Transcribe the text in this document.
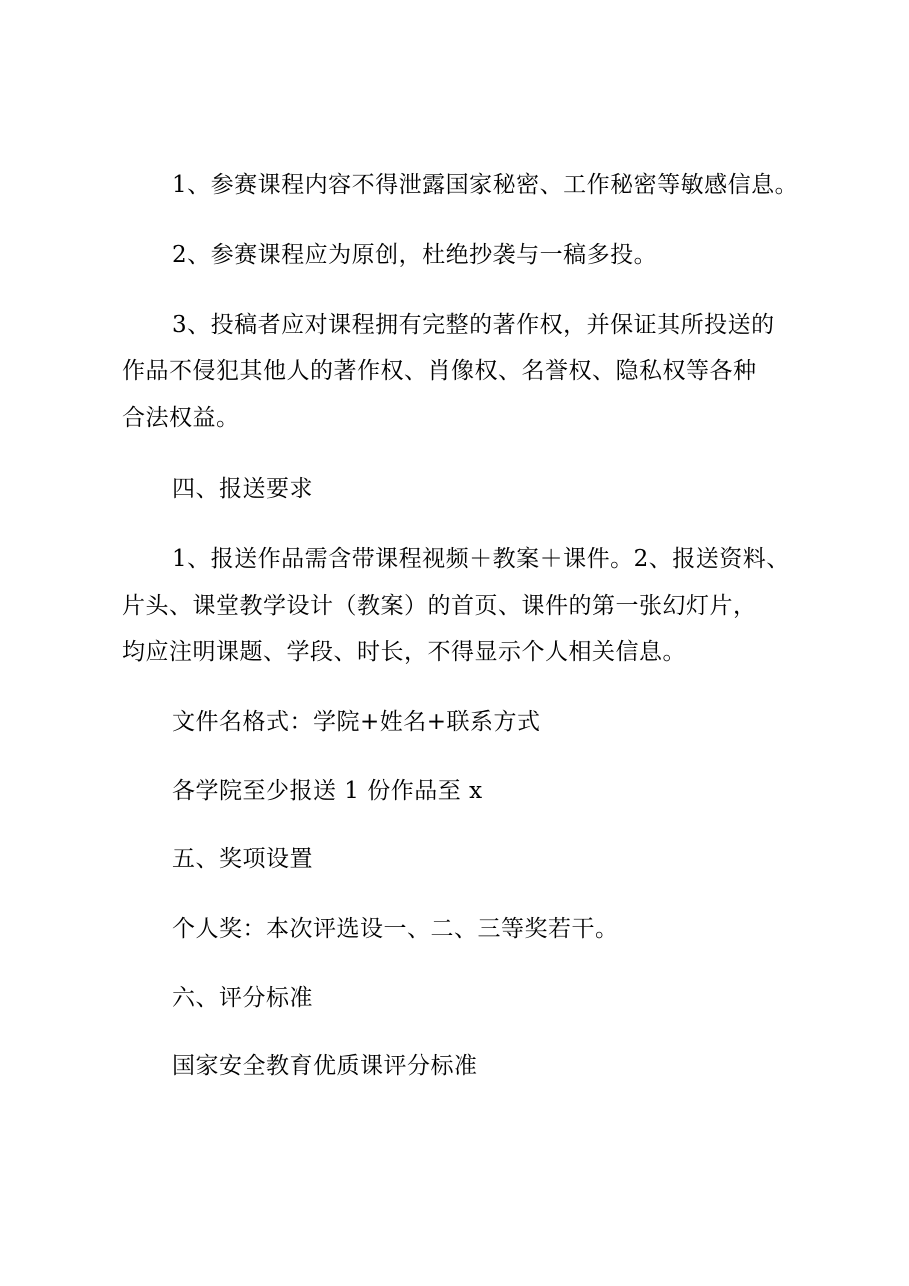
1、参赛课程内容不得泄露国家秘密、工作秘密等敏感信息。
2、参赛课程应为原创，杜绝抄袭与一稿多投。
3、投稿者应对课程拥有完整的著作权，并保证其所投送的
作品不侵犯其他人的著作权、肖像权、名誉权、隐私权等各种
合法权益。
四、报送要求
1、报送作品需含带课程视频＋教案＋课件。2、报送资料、
片头、课堂教学设计（教案）的首页、课件的第一张幻灯片，
均应注明课题、学段、时长，不得显示个人相关信息。
文件名格式：学院+姓名+联系方式
各学院至少报送 1 份作品至 x
五、奖项设置
个人奖：本次评选设一、二、三等奖若干。
六、评分标准
国家安全教育优质课评分标准
